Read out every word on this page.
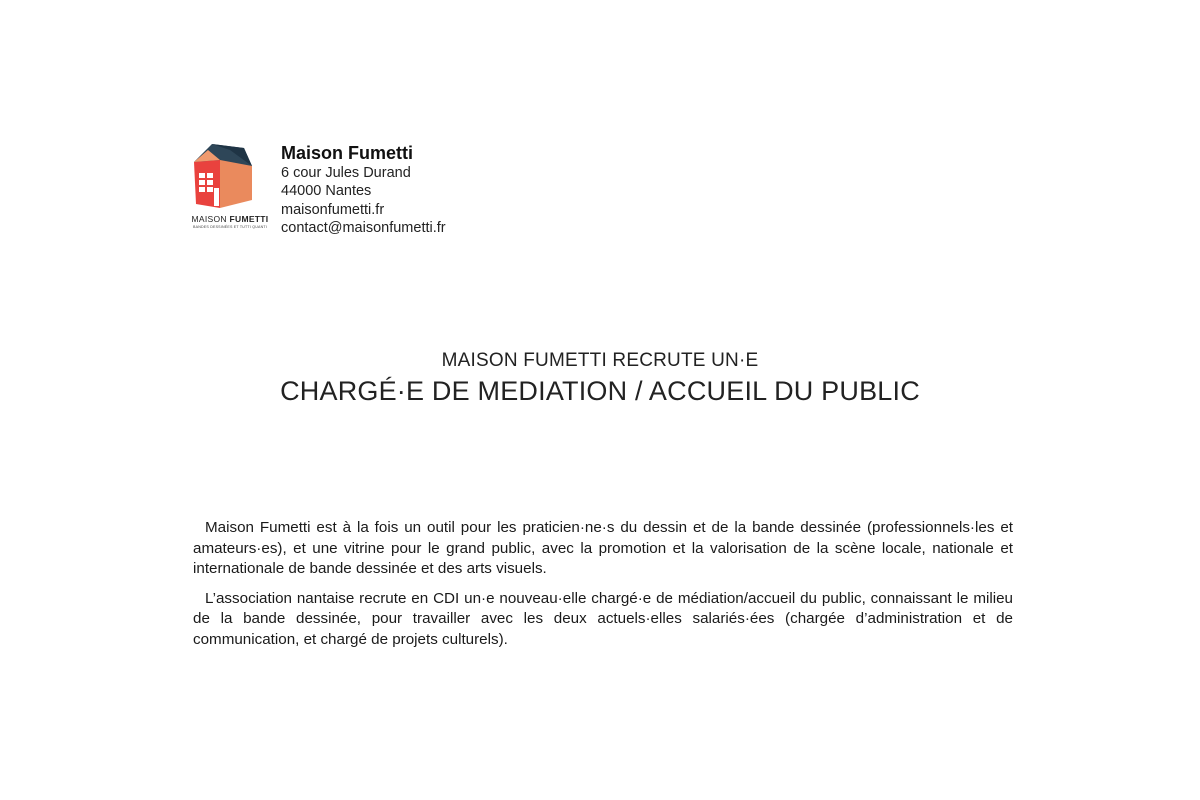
MAISON FUMETTI
BANDES DESSINÉES ET TUTTI QUANTI
Maison Fumetti
6 cour Jules Durand
44000 Nantes
maisonfumetti.fr
contact@maisonfumetti.fr
MAISON FUMETTI RECRUTE UN·E
CHARGÉ·E DE MEDIATION / ACCUEIL DU PUBLIC

Maison Fumetti est à la fois un outil pour les praticien·ne·s du dessin et de la bande dessinée (professionnels·les et amateurs·es), et une vitrine pour le grand public, avec la promotion et la valorisation de la scène locale, nationale et internationale de bande dessinée et des arts visuels.

L’association nantaise recrute en CDI un·e nouveau·elle chargé·e de médiation/accueil du public, connaissant le milieu de la bande dessinée, pour travailler avec les deux actuels·elles salariés·ées (chargée d’administration et de communication, et chargé de projets culturels).
